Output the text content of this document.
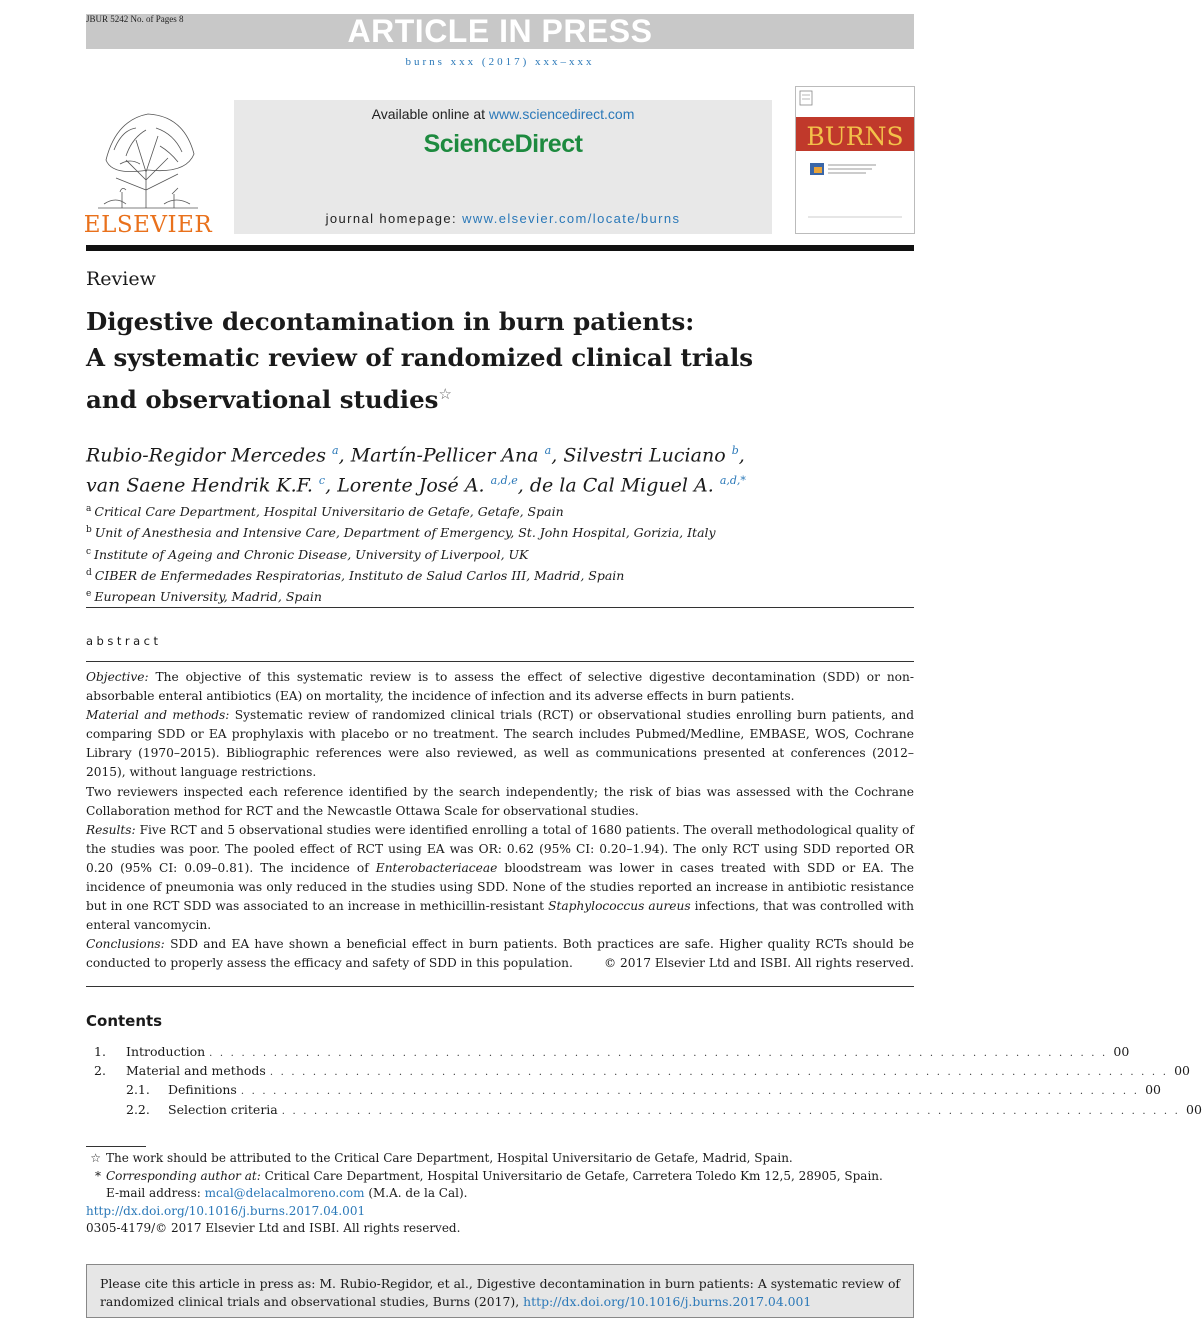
ARTICLE IN PRESS
JBUR 5242 No. of Pages 8
burns xxx (2017) xxx–xxx
ELSEVIER
Available online at www.sciencedirect.com
ScienceDirect
journal homepage: www.elsevier.com/locate/burns
BURNS
Review
Digestive decontamination in burn patients:
A systematic review of randomized clinical trials
and observational studies☆
Rubio-Regidor Mercedes $^a$, Martín-Pellicer Ana $^a$, Silvestri Luciano $^b$,
van Saene Hendrik K.F. $^c$, Lorente José A. $^{a,d,e}$, de la Cal Miguel A. $^{a,d,*}$
$^a$ Critical Care Department, Hospital Universitario de Getafe, Getafe, Spain
$^b$ Unit of Anesthesia and Intensive Care, Department of Emergency, St. John Hospital, Gorizia, Italy
$^c$ Institute of Ageing and Chronic Disease, University of Liverpool, UK
$^d$ CIBER de Enfermedades Respiratorias, Instituto de Salud Carlos III, Madrid, Spain
$^e$ European University, Madrid, Spain
abstract

Objective: The objective of this systematic review is to assess the effect of selective digestive decontamination (SDD) or non-absorbable enteral antibiotics (EA) on mortality, the incidence of infection and its adverse effects in burn patients.

Material and methods: Systematic review of randomized clinical trials (RCT) or observational studies enrolling burn patients, and comparing SDD or EA prophylaxis with placebo or no treatment. The search includes Pubmed/Medline, EMBASE, WOS, Cochrane Library (1970–2015). Bibliographic references were also reviewed, as well as communications presented at conferences (2012–2015), without language restrictions.

Two reviewers inspected each reference identified by the search independently; the risk of bias was assessed with the Cochrane Collaboration method for RCT and the Newcastle Ottawa Scale for observational studies.

Results: Five RCT and 5 observational studies were identified enrolling a total of 1680 patients. The overall methodological quality of the studies was poor. The pooled effect of RCT using EA was OR: 0.62 (95% CI: 0.20–1.94). The only RCT using SDD reported OR 0.20 (95% CI: 0.09–0.81). The incidence of Enterobacteriaceae bloodstream was lower in cases treated with SDD or EA. The incidence of pneumonia was only reduced in the studies using SDD. None of the studies reported an increase in antibiotic resistance but in one RCT SDD was associated to an increase in methicillin-resistant Staphylococcus aureus infections, that was controlled with enteral vancomycin.

Conclusions: SDD and EA have shown a beneficial effect in burn patients. Both practices are safe. Higher quality RCTs should be conducted to properly assess the efficacy and safety of SDD in this population.	© 2017 Elsevier Ltd and ISBI. All rights reserved.
Contents
1.	Introduction . . . . . . . . . . . . . . . . . . . . . . . . . . . . . . . . . . . . . . . . . . . . . . . . . . . . . . . . . . . . . . . . . . . . . . . . . . . . . . . . . . . . 00
2.	Material and methods . . . . . . . . . . . . . . . . . . . . . . . . . . . . . . . . . . . . . . . . . . . . . . . . . . . . . . . . . . . . . . . . . . . . . . . . . . . . . . . . . . . . 00
2.1.	Definitions . . . . . . . . . . . . . . . . . . . . . . . . . . . . . . . . . . . . . . . . . . . . . . . . . . . . . . . . . . . . . . . . . . . . . . . . . . . . . . . . . . . . 00
2.2.	Selection criteria . . . . . . . . . . . . . . . . . . . . . . . . . . . . . . . . . . . . . . . . . . . . . . . . . . . . . . . . . . . . . . . . . . . . . . . . . . . . . . . . . . . . 00
☆ The work should be attributed to the Critical Care Department, Hospital Universitario de Getafe, Madrid, Spain.
* Corresponding author at: Critical Care Department, Hospital Universitario de Getafe, Carretera Toledo Km 12,5, 28905, Spain.
E-mail address: mcal@delacalmoreno.com (M.A. de la Cal).
http://dx.doi.org/10.1016/j.burns.2017.04.001
0305-4179/© 2017 Elsevier Ltd and ISBI. All rights reserved.
Please cite this article in press as: M. Rubio-Regidor, et al., Digestive decontamination in burn patients: A systematic review of randomized clinical trials and observational studies, Burns (2017), http://dx.doi.org/10.1016/j.burns.2017.04.001
